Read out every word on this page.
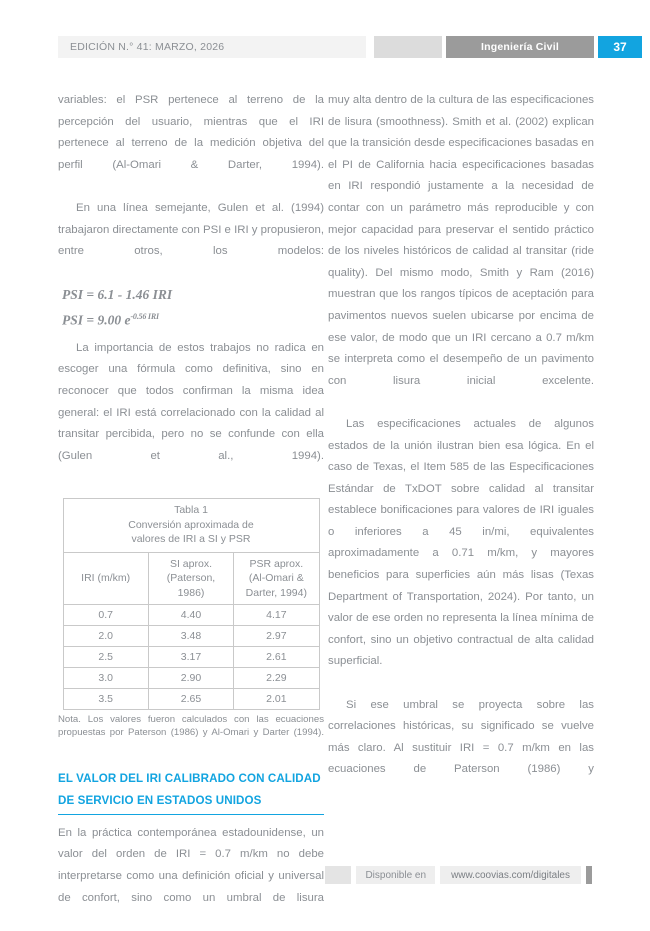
EDICIÓN N.° 41: MARZO, 2026	Ingeniería Civil	37

variables: el PSR pertenece al terreno de la percepción del usuario, mientras que el IRI pertenece al terreno de la medición objetiva del perfil (Al-Omari & Darter, 1994).

En una línea semejante, Gulen et al. (1994) trabajaron directamente con PSI e IRI y propusieron, entre otros, los modelos:

PSI = 6.1 - 1.46 IRI
PSI = 9.00 $e^{-0.56 IRI}$

La importancia de estos trabajos no radica en escoger una fórmula como definitiva, sino en reconocer que todos confirman la misma idea general: el IRI está correlacionado con la calidad al transitar percibida, pero no se confunde con ella (Gulen et al., 1994).

Tabla 1
Conversión aproximada de
valores de IRI a SI y PSR		

IRI (m/km)

SI aprox.
(Paterson,
1986)

PSR aprox.
(Al-Omari &
Darter, 1994)

0.7	4.40	4.17
2.0	3.48	2.97
2.5	3.17	2.61
3.0	2.90	2.29
3.5	2.65	2.01
Nota. Los valores fueron calculados con las ecuaciones propuestas por Paterson (1986) y Al-Omari y Darter (1994).
EL VALOR DEL IRI CALIBRADO CON CALIDAD DE SERVICIO EN ESTADOS UNIDOS

En la práctica contemporánea estadounidense, un valor del orden de IRI = 0.7 m/km no debe interpretarse como una definición oficial y universal de confort, sino como un umbral de lisura

muy alta dentro de la cultura de las especificaciones de lisura (smoothness). Smith et al. (2002) explican que la transición desde especificaciones basadas en el PI de California hacia especificaciones basadas en IRI respondió justamente a la necesidad de contar con un parámetro más reproducible y con mejor capacidad para preservar el sentido práctico de los niveles históricos de calidad al transitar (ride quality). Del mismo modo, Smith y Ram (2016) muestran que los rangos típicos de aceptación para pavimentos nuevos suelen ubicarse por encima de ese valor, de modo que un IRI cercano a 0.7 m/km se interpreta como el desempeño de un pavimento con lisura inicial excelente.

Las especificaciones actuales de algunos estados de la unión ilustran bien esa lógica. En el caso de Texas, el Item 585 de las Especificaciones Estándar de TxDOT sobre calidad al transitar establece bonificaciones para valores de IRI iguales o inferiores a 45 in/mi, equivalentes aproximadamente a 0.71 m/km, y mayores beneficios para superficies aún más lisas (Texas Department of Transportation, 2024). Por tanto, un valor de ese orden no representa la línea mínima de confort, sino un objetivo contractual de alta calidad superficial.

Si ese umbral se proyecta sobre las correlaciones históricas, su significado se vuelve más claro. Al sustituir IRI = 0.7 m/km en las ecuaciones de Paterson (1986) y

Disponible en	www.coovias.com/digitales
